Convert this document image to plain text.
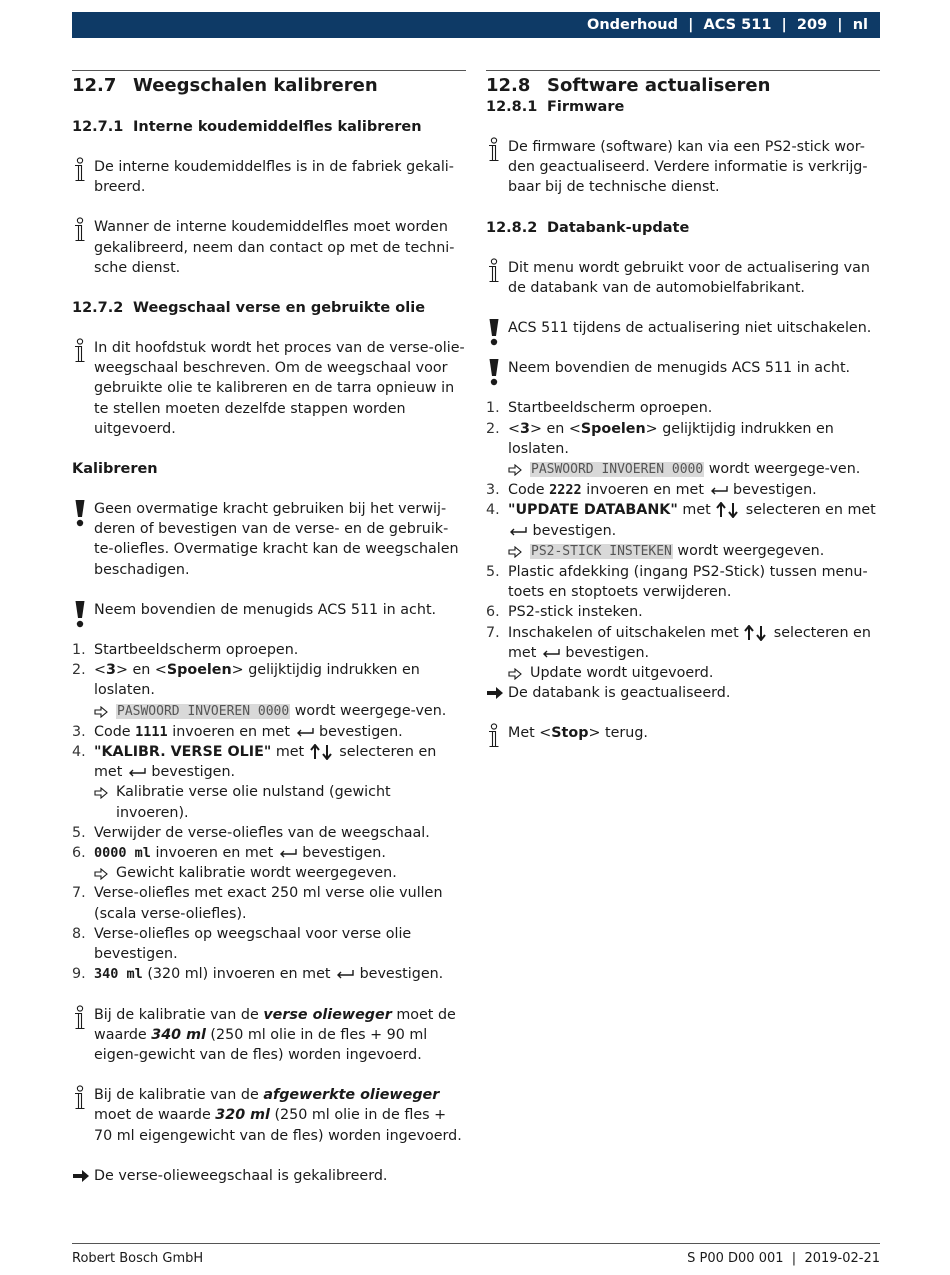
Onderhoud | ACS 511 | 209 | nl
12.7 Weegschalen kalibreren
12.7.1 Interne koudemiddelfles kalibreren
De interne koudemiddelfles is in de fabriek gekali-breerd.
Wanner de interne koudemiddelfles moet worden gekalibreerd, neem dan contact op met de techni-sche dienst.
12.7.2 Weegschaal verse en gebruikte olie
In dit hoofdstuk wordt het proces van de verse-olie-weegschaal beschreven. Om de weegschaal voor gebruikte olie te kalibreren en de tarra opnieuw in te stellen moeten dezelfde stappen worden uitgevoerd.
Kalibreren
Geen overmatige kracht gebruiken bij het verwij-deren of bevestigen van de verse- en de gebruik-te-oliefles. Overmatige kracht kan de weegschalen beschadigen.
Neem bovendien de menugids ACS 511 in acht.
1. Startbeeldscherm oproepen.
2. <3> en <Spoelen> gelijktijdig indrukken en loslaten.
PASWOORD INVOEREN 0000 wordt weergege-ven.
3. Code 1111 invoeren en met  bevestigen.
4. "KALIBR. VERSE OLIE" met  selecteren en met  bevestigen.
Kalibratie verse olie nulstand (gewicht invoeren).
5. Verwijder de verse-oliefles van de weegschaal.
6. 0000 ml invoeren en met  bevestigen.
Gewicht kalibratie wordt weergegeven.
7. Verse-oliefles met exact 250 ml verse olie vullen (scala verse-oliefles).
8. Verse-oliefles op weegschaal voor verse olie bevestigen.
9. 340 ml (320 ml) invoeren en met  bevestigen.
Bij de kalibratie van de verse olieweger moet de waarde 340 ml (250 ml olie in de fles + 90 ml eigen-gewicht van de fles) worden ingevoerd.
Bij de kalibratie van de afgewerkte olieweger moet de waarde 320 ml (250 ml olie in de fles + 70 ml eigengewicht van de fles) worden ingevoerd.
De verse-olieweegschaal is gekalibreerd.
12.8 Software actualiseren
12.8.1 Firmware
De firmware (software) kan via een PS2-stick wor-den geactualiseerd. Verdere informatie is verkrijg-baar bij de technische dienst.
12.8.2 Databank-update
Dit menu wordt gebruikt voor de actualisering van de databank van de automobielfabrikant.
ACS 511 tijdens de actualisering niet uitschakelen.
Neem bovendien de menugids ACS 511 in acht.
1. Startbeeldscherm oproepen.
2. <3> en <Spoelen> gelijktijdig indrukken en loslaten.
PASWOORD INVOEREN 0000 wordt weergege-ven.
3. Code 2222 invoeren en met  bevestigen.
4. "UPDATE DATABANK" met  selecteren en met  bevestigen.
PS2-STICK INSTEKEN wordt weergegeven.
5. Plastic afdekking (ingang PS2-Stick) tussen menu-toets en stoptoets verwijderen.
6. PS2-stick insteken.
7. Inschakelen of uitschakelen met  selecteren en met  bevestigen.
Update wordt uitgevoerd.
De databank is geactualiseerd.
Met <Stop> terug.
Robert Bosch GmbH	S P00 D00 001  |  2019-02-21
